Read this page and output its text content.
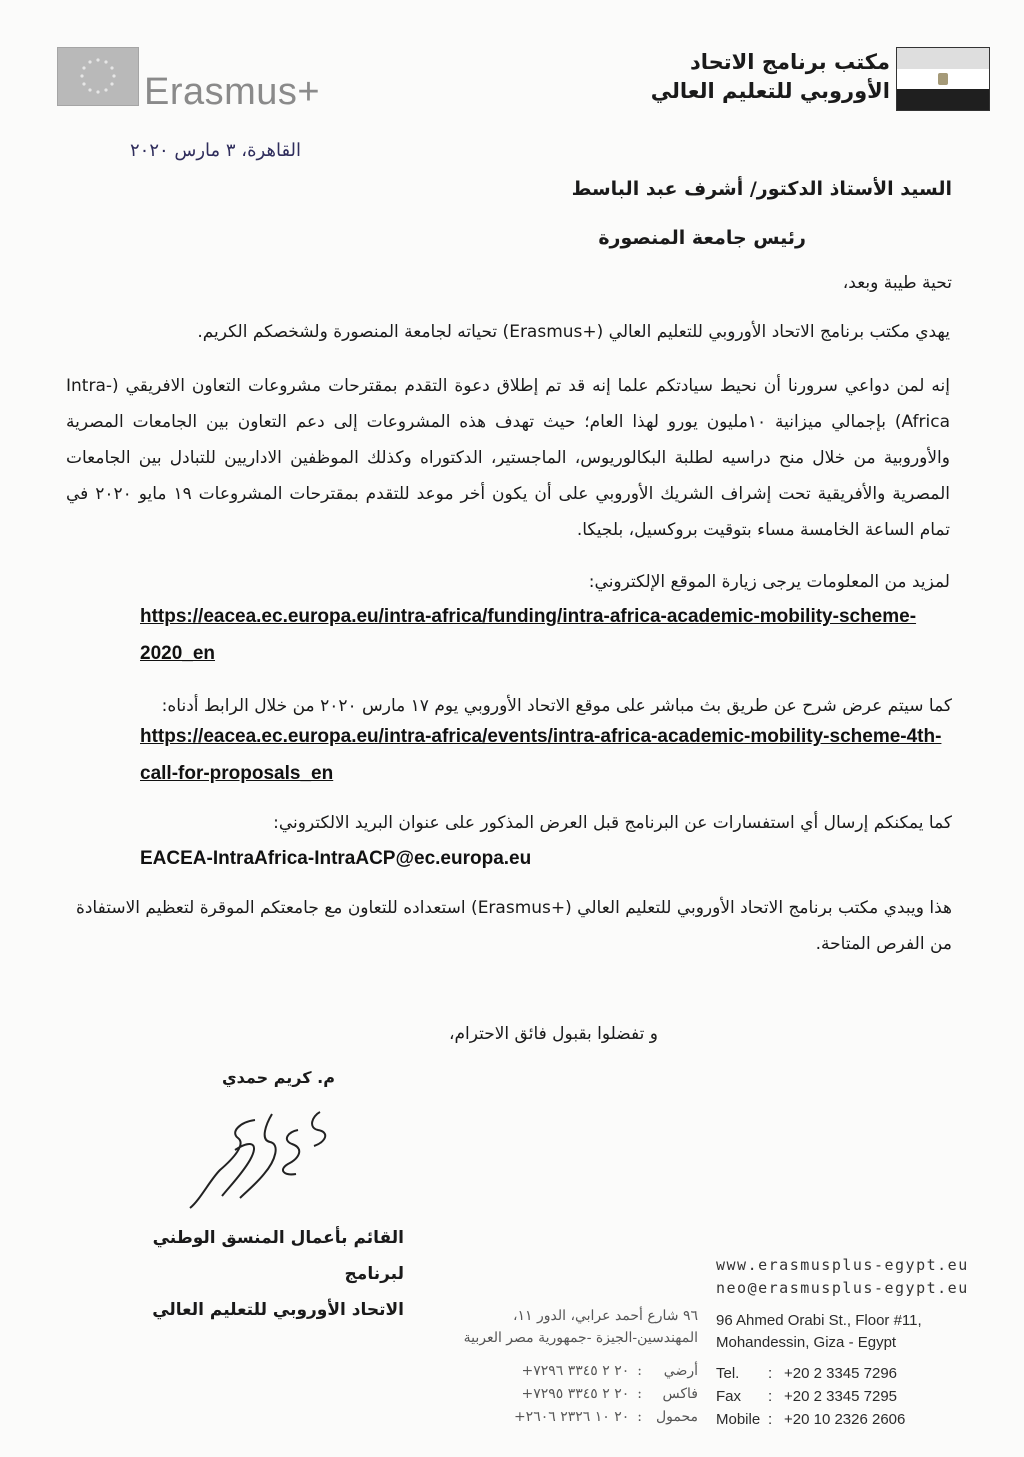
Erasmus+
مكتب برنامج الاتحاد
الأوروبي للتعليم العالي
القاهرة، ٣ مارس ٢٠٢٠
السيد الأستاذ الدكتور/ أشرف عبد الباسط
رئيس جامعة المنصورة
تحية طيبة وبعد،
يهدي مكتب برنامج الاتحاد الأوروبي للتعليم العالي (+Erasmus) تحياته لجامعة المنصورة ولشخصكم الكريم.
إنه لمن دواعي سرورنا أن نحيط سيادتكم علما إنه قد تم إطلاق دعوة التقدم بمقترحات مشروعات التعاون الافريقي (Intra-Africa) بإجمالي ميزانية ١٠مليون يورو لهذا العام؛ حيث تهدف هذه المشروعات إلى دعم التعاون بين الجامعات المصرية والأوروبية من خلال منح دراسيه لطلبة البكالوريوس، الماجستير، الدكتوراه وكذلك الموظفين الاداريين للتبادل بين الجامعات المصرية والأفريقية تحت إشراف الشريك الأوروبي على أن يكون أخر موعد للتقدم بمقترحات المشروعات ١٩ مايو ٢٠٢٠ في تمام الساعة الخامسة مساء بتوقيت بروكسيل، بلجيكا.
لمزيد من المعلومات يرجى زيارة الموقع الإلكتروني:
https://eacea.ec.europa.eu/intra-africa/funding/intra-africa-academic-mobility-scheme-2020_en
كما سيتم عرض شرح عن طريق بث مباشر على موقع الاتحاد الأوروبي يوم ١٧ مارس ٢٠٢٠ من خلال الرابط أدناه:
https://eacea.ec.europa.eu/intra-africa/events/intra-africa-academic-mobility-scheme-4th-call-for-proposals_en
كما يمكنكم إرسال أي استفسارات عن البرنامج قبل العرض المذكور على عنوان البريد الالكتروني:
EACEA-IntraAfrica-IntraACP@ec.europa.eu
هذا ويبدي مكتب برنامج الاتحاد الأوروبي للتعليم العالي (+Erasmus) استعداده للتعاون مع جامعتكم الموقرة لتعظيم الاستفادة من الفرص المتاحة.
و تفضلوا بقبول فائق الاحترام،
م. كريم حمدي
القائم بأعمال المنسق الوطني لبرنامج
الاتحاد الأوروبي للتعليم العالي
www.erasmusplus-egypt.eu
neo@erasmusplus-egypt.eu
96 Ahmed Orabi St., Floor #11,
Mohandessin, Giza - Egypt
Tel.	: +20 2 3345 7296
Fax	: +20 2 3345 7295
Mobile : +20 10 2326 2606
٩٦ شارع أحمد عرابي، الدور ١١،
المهندسين-الجيزة -جمهورية مصر العربية
أرضي
:
+٢٠ ٢ ٣٣٤٥ ٧٢٩٦
فاكس
:
+٢٠ ٢ ٣٣٤٥ ٧٢٩٥
محمول
:
+٢٠ ١٠ ٢٣٢٦ ٢٦٠٦
